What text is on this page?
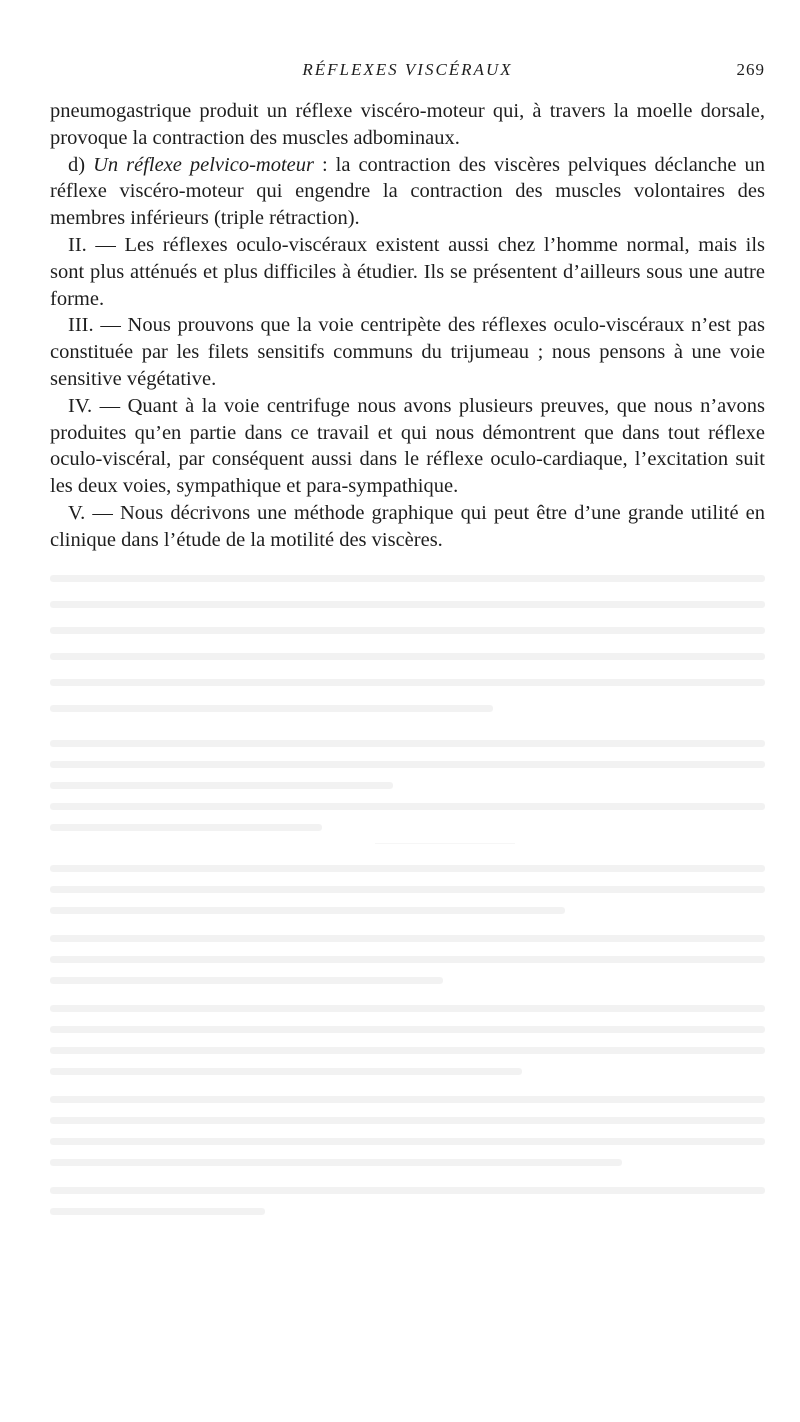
RÉFLEXES VISCÉRAUX	269

pneumogastrique produit un réflexe viscéro-moteur qui, à travers la moelle dorsale, provoque la contraction des muscles adbominaux.

d) Un réflexe pelvico-moteur : la contraction des viscères pelviques déclanche un réflexe viscéro-moteur qui engendre la contraction des muscles volontaires des membres inférieurs (triple rétraction).

II. — Les réflexes oculo-viscéraux existent aussi chez l’homme normal, mais ils sont plus atténués et plus difficiles à étudier. Ils se présentent d’ailleurs sous une autre forme.

III. — Nous prouvons que la voie centripète des réflexes oculo-viscéraux n’est pas constituée par les filets sensitifs communs du trijumeau ; nous pensons à une voie sensitive végétative.

IV. — Quant à la voie centrifuge nous avons plusieurs preuves, que nous n’avons produites qu’en partie dans ce travail et qui nous démontrent que dans tout réflexe oculo-viscéral, par conséquent aussi dans le réflexe oculo-cardiaque, l’excitation suit les deux voies, sympathique et para-sympathique.

V. — Nous décrivons une méthode graphique qui peut être d’une grande utilité en clinique dans l’étude de la motilité des viscères.
